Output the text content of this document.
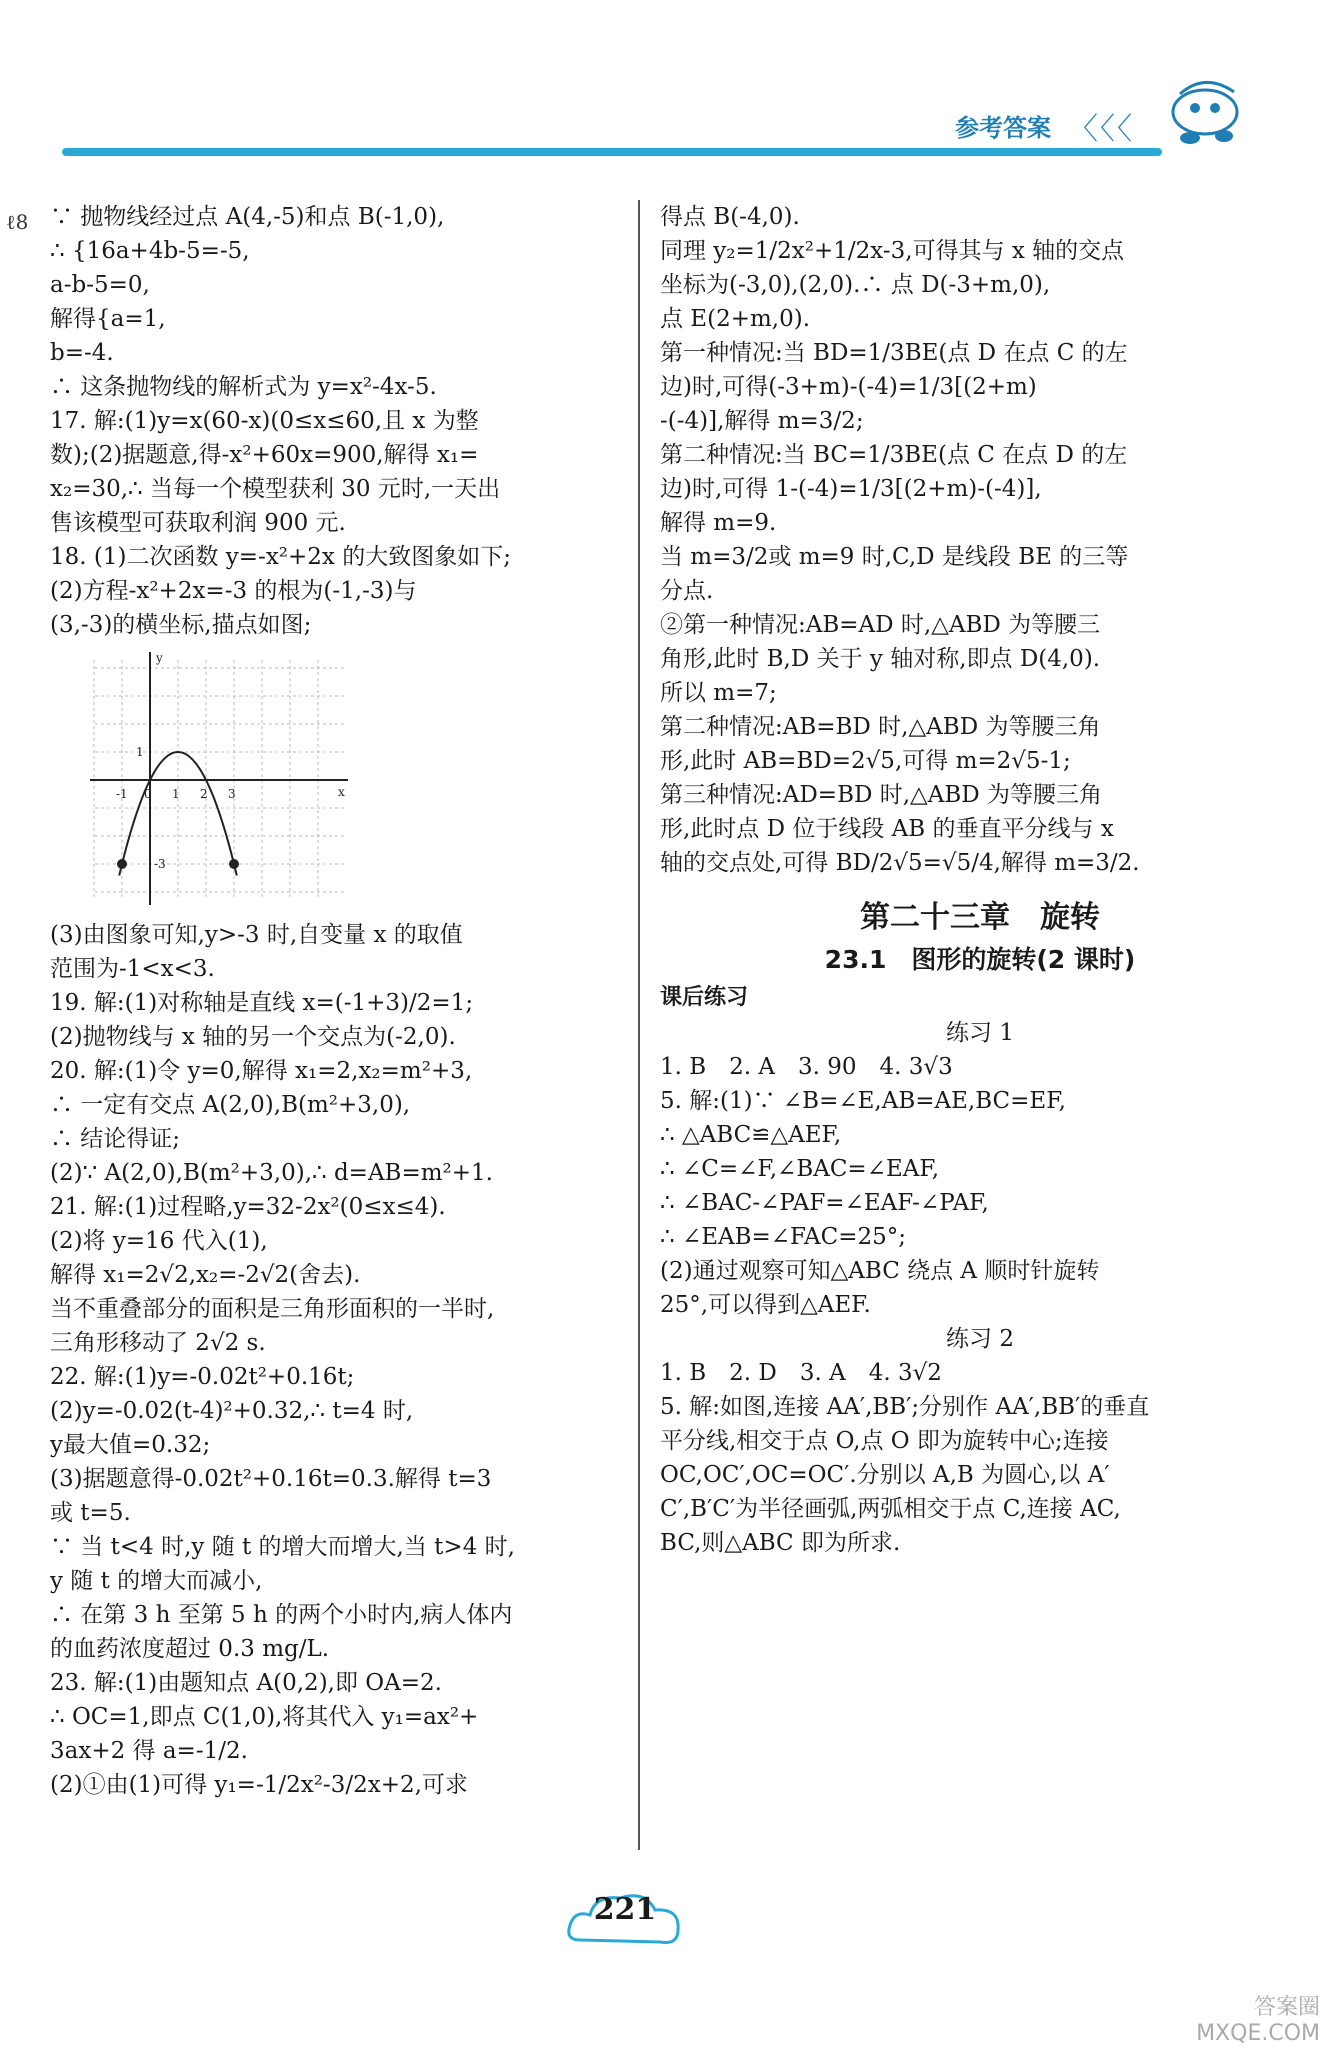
参考答案 〈〈〈
ℓ8 ∵ 抛物线经过点 A(4,-5)和点 B(-1,0),
∴ {16a+4b-5=-5,
a-b-5=0,
解得{a=1,
b=-4.
∴ 这条抛物线的解析式为 y=x²-4x-5.
17. 解:(1)y=x(60-x)(0≤x≤60,且 x 为整
数);(2)据题意,得-x²+60x=900,解得 x₁=
x₂=30,∴ 当每一个模型获利 30 元时,一天出
售该模型可获取利润 900 元.
18. (1)二次函数 y=-x²+2x 的大致图象如下;
(2)方程-x²+2x=-3 的根为(-1,-3)与
(3,-3)的横坐标,描点如图;
-1 0 1 2 3
1
-3
x
y
(3)由图象可知,y>-3 时,自变量 x 的取值
范围为-1<x<3.
19. 解:(1)对称轴是直线 x=(-1+3)/2=1;
(2)抛物线与 x 轴的另一个交点为(-2,0).
20. 解:(1)令 y=0,解得 x₁=2,x₂=m²+3,
∴ 一定有交点 A(2,0),B(m²+3,0),
∴ 结论得证;
(2)∵ A(2,0),B(m²+3,0),∴ d=AB=m²+1.
21. 解:(1)过程略,y=32-2x²(0≤x≤4).
(2)将 y=16 代入(1),
解得 x₁=2√2,x₂=-2√2(舍去).
当不重叠部分的面积是三角形面积的一半时,
三角形移动了 2√2 s.
22. 解:(1)y=-0.02t²+0.16t;
(2)y=-0.02(t-4)²+0.32,∴ t=4 时,
y最大值=0.32;
(3)据题意得-0.02t²+0.16t=0.3.解得 t=3
或 t=5.
∵ 当 t<4 时,y 随 t 的增大而增大,当 t>4 时,
y 随 t 的增大而减小,
∴ 在第 3 h 至第 5 h 的两个小时内,病人体内
的血药浓度超过 0.3 mg/L.
23. 解:(1)由题知点 A(0,2),即 OA=2.
∴ OC=1,即点 C(1,0),将其代入 y₁=ax²+
3ax+2 得 a=-1/2.
(2)①由(1)可得 y₁=-1/2x²-3/2x+2,可求
得点 B(-4,0).
同理 y₂=1/2x²+1/2x-3,可得其与 x 轴的交点
坐标为(-3,0),(2,0).∴ 点 D(-3+m,0),
点 E(2+m,0).
第一种情况:当 BD=1/3BE(点 D 在点 C 的左
边)时,可得(-3+m)-(-4)=1/3[(2+m)
-(-4)],解得 m=3/2;
第二种情况:当 BC=1/3BE(点 C 在点 D 的左
边)时,可得 1-(-4)=1/3[(2+m)-(-4)],
解得 m=9.
当 m=3/2或 m=9 时,C,D 是线段 BE 的三等
分点.
②第一种情况:AB=AD 时,△ABD 为等腰三
角形,此时 B,D 关于 y 轴对称,即点 D(4,0).
所以 m=7;
第二种情况:AB=BD 时,△ABD 为等腰三角
形,此时 AB=BD=2√5,可得 m=2√5-1;
第三种情况:AD=BD 时,△ABD 为等腰三角
形,此时点 D 位于线段 AB 的垂直平分线与 x
轴的交点处,可得 BD/2√5=√5/4,解得 m=3/2.
第二十三章　旋转
23.1　图形的旋转(2 课时)
课后练习
练习 1
1. B　2. A　3. 90　4. 3√3
5. 解:(1)∵ ∠B=∠E,AB=AE,BC=EF,
∴ △ABC≌△AEF,
∴ ∠C=∠F,∠BAC=∠EAF,
∴ ∠BAC-∠PAF=∠EAF-∠PAF,
∴ ∠EAB=∠FAC=25°;
(2)通过观察可知△ABC 绕点 A 顺时针旋转
25°,可以得到△AEF.
练习 2
1. B　2. D　3. A　4. 3√2
5. 解:如图,连接 AA′,BB′;分别作 AA′,BB′的垂直
平分线,相交于点 O,点 O 即为旋转中心;连接
OC,OC′,OC=OC′.分别以 A,B 为圆心,以 A′
C′,B′C′为半径画弧,两弧相交于点 C,连接 AC,
BC,则△ABC 即为所求.
221
答案圈 MXQE.COM
